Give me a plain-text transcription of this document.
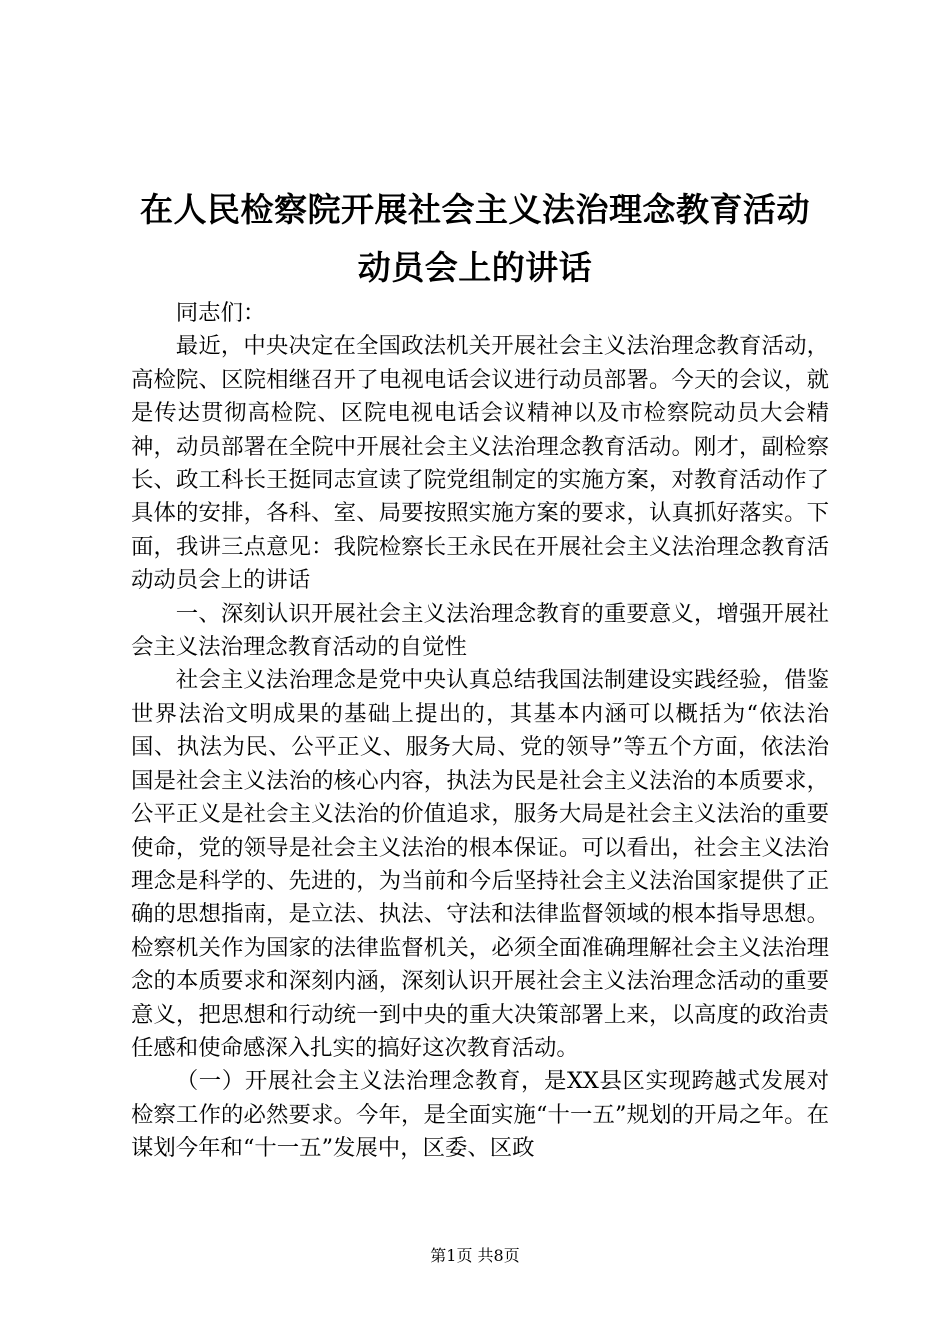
在人民检察院开展社会主义法治理念教育活动
动员会上的讲话

同志们：

最近，中央决定在全国政法机关开展社会主义法治理念教育活动，高检院、区院相继召开了电视电话会议进行动员部署。今天的会议，就是传达贯彻高检院、区院电视电话会议精神以及市检察院动员大会精神，动员部署在全院中开展社会主义法治理念教育活动。刚才，副检察长、政工科长王挺同志宣读了院党组制定的实施方案，对教育活动作了具体的安排，各科、室、局要按照实施方案的要求，认真抓好落实。下面，我讲三点意见：我院检察长王永民在开展社会主义法治理念教育活动动员会上的讲话

一、深刻认识开展社会主义法治理念教育的重要意义，增强开展社会主义法治理念教育活动的自觉性

社会主义法治理念是党中央认真总结我国法制建设实践经验，借鉴世界法治文明成果的基础上提出的，其基本内涵可以概括为“依法治国、执法为民、公平正义、服务大局、党的领导”等五个方面，依法治国是社会主义法治的核心内容，执法为民是社会主义法治的本质要求，公平正义是社会主义法治的价值追求，服务大局是社会主义法治的重要使命，党的领导是社会主义法治的根本保证。可以看出，社会主义法治理念是科学的、先进的，为当前和今后坚持社会主义法治国家提供了正确的思想指南，是立法、执法、守法和法律监督领域的根本指导思想。检察机关作为国家的法律监督机关，必须全面准确理解社会主义法治理念的本质要求和深刻内涵，深刻认识开展社会主义法治理念活动的重要意义，把思想和行动统一到中央的重大决策部署上来，以高度的政治责任感和使命感深入扎实的搞好这次教育活动。

（一）开展社会主义法治理念教育，是XX县区实现跨越式发展对检察工作的必然要求。今年，是全面实施“十一五”规划的开局之年。在谋划今年和“十一五”发展中，区委、区政

第1页 共8页
